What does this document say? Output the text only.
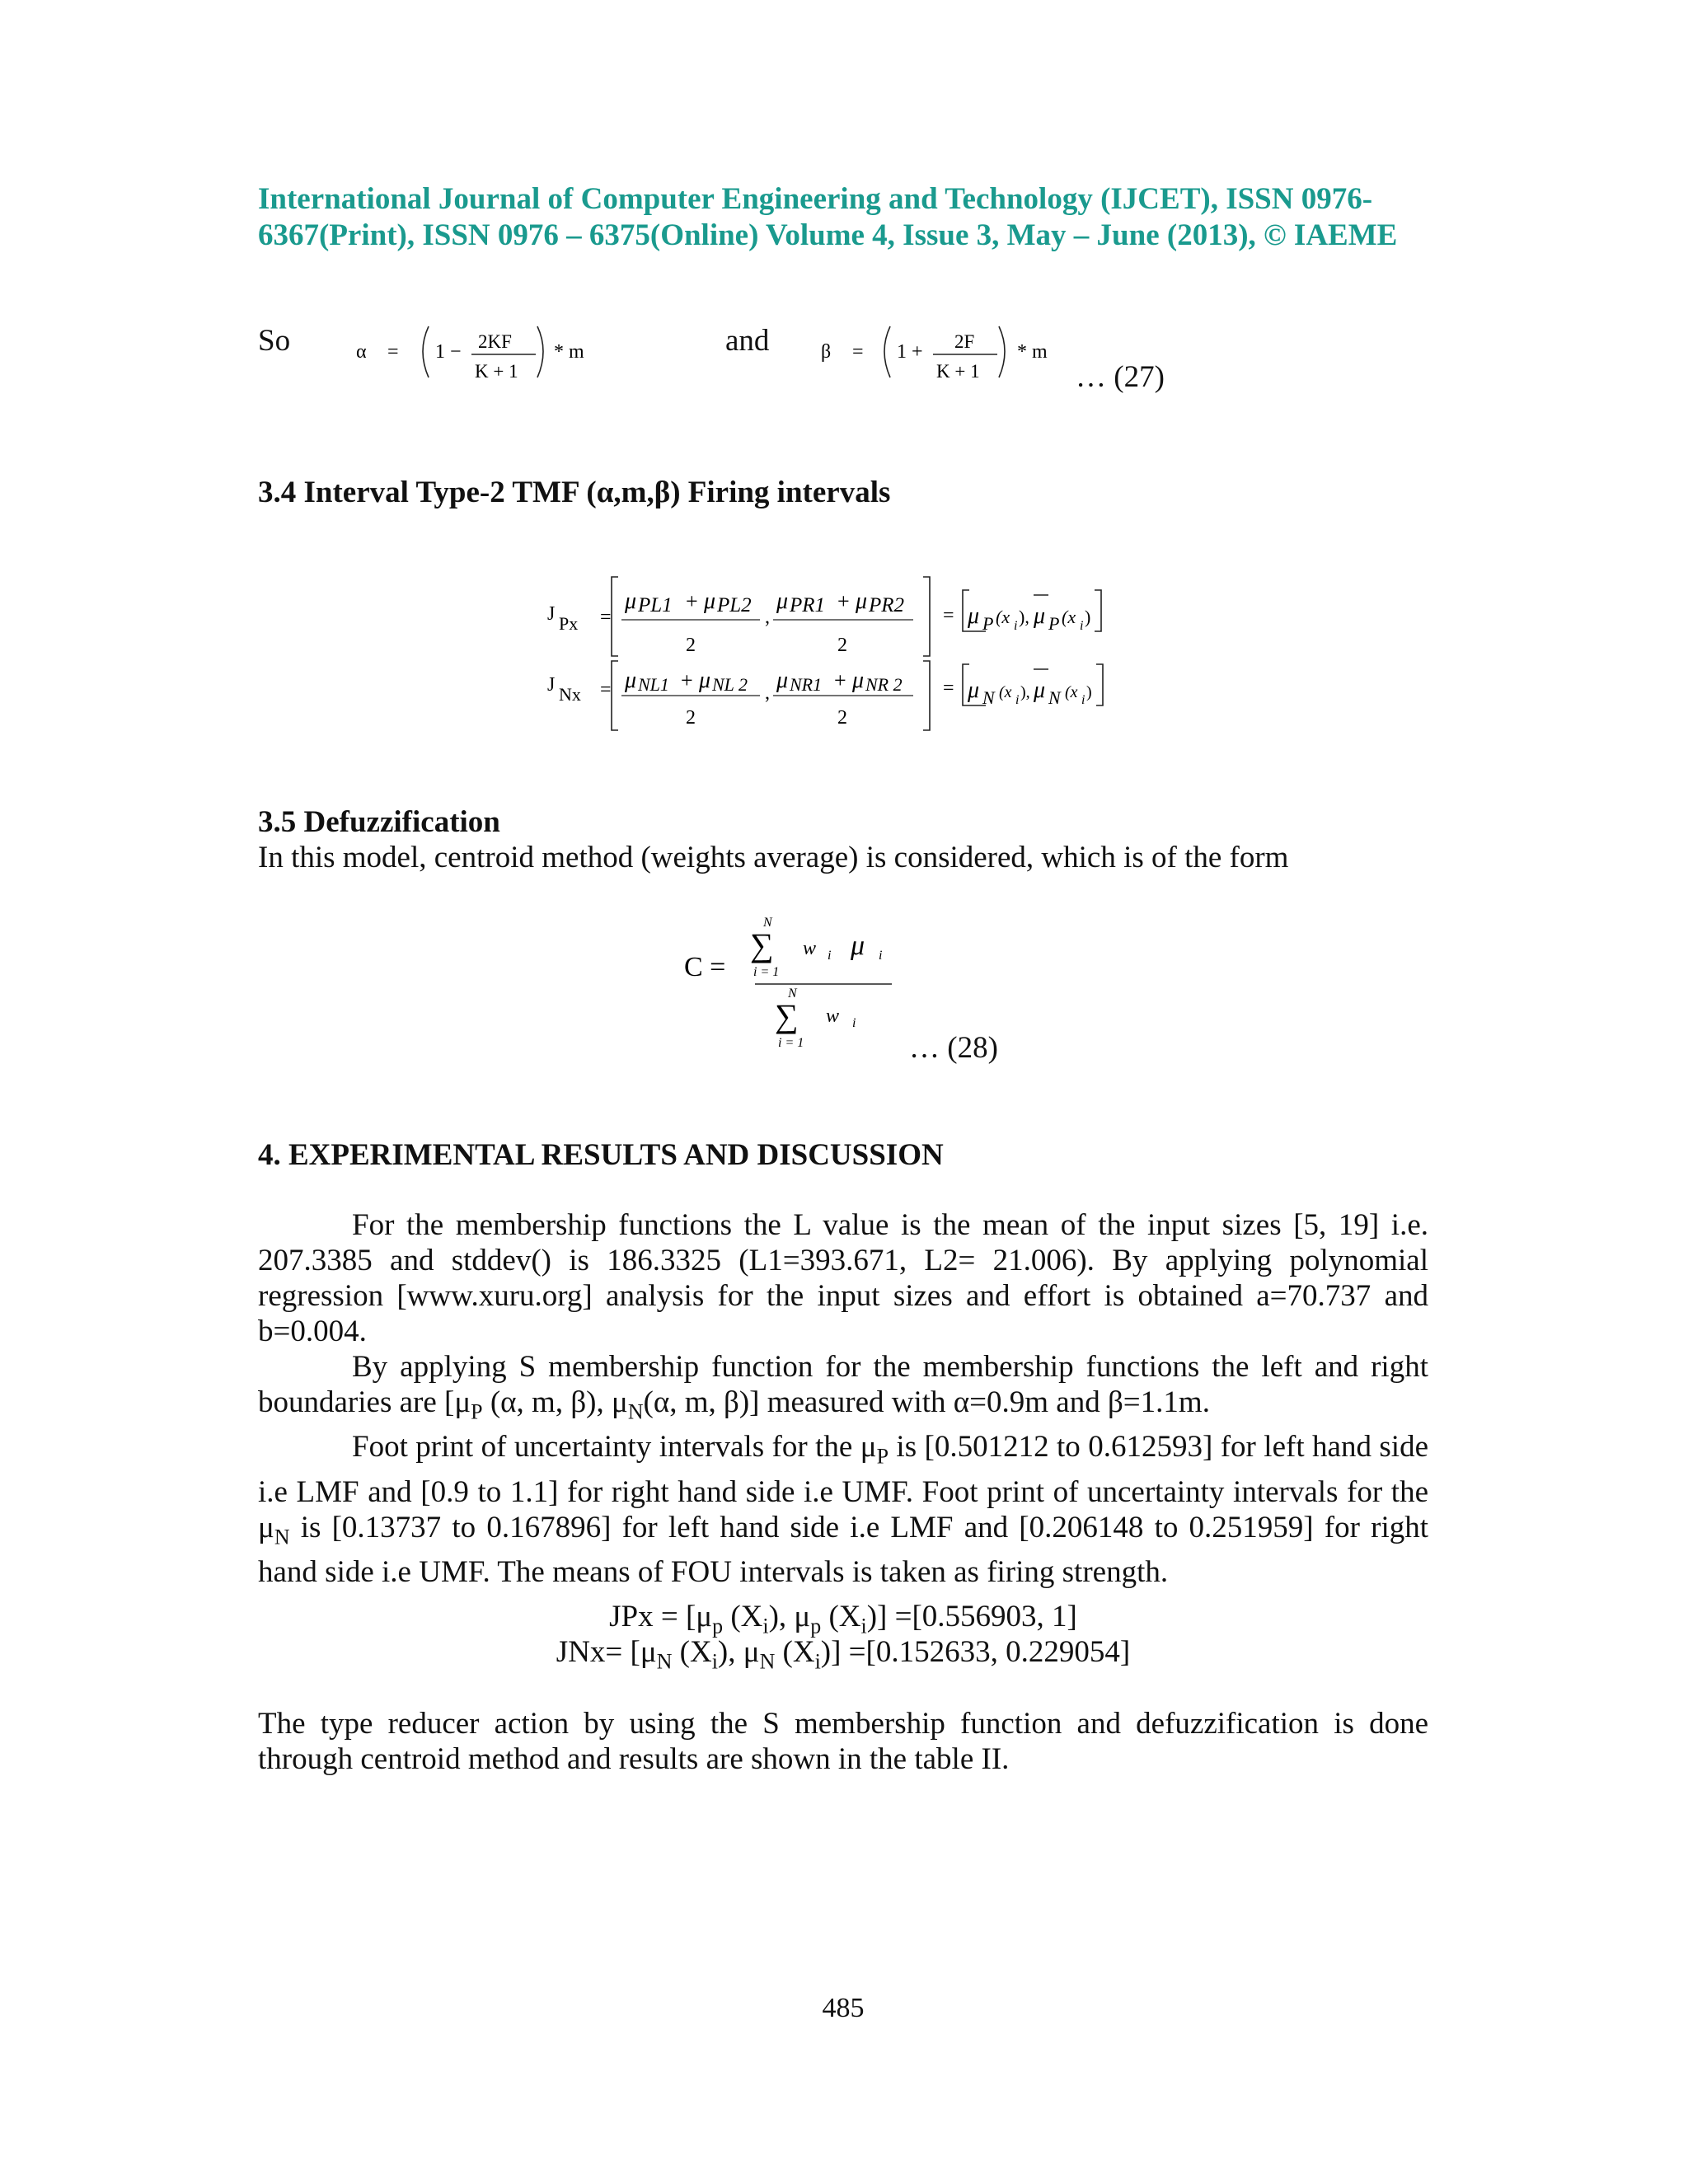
International Journal of Computer Engineering and Technology (IJCET), ISSN 0976-
6367(Print), ISSN 0976 – 6375(Online) Volume 4, Issue 3, May – June (2013), © IAEME
So	α = 1 − 2KF
K + 1
* m	and	β = 1 + 2F
K + 1
* m
… (27)
3.4 Interval Type-2 TMF (α,m,β) Firing intervals
J Px =
μ PL1 + μ PL2
2
,
μ PR1 + μ PR2
2
= μ P (x i ), μ P (x i )
J Nx = μ NL1 + μ NL 2
2
, μ NR1 + μ NR 2
2
= μ N (x i ), μ N (x i )
3.5 Defuzzification
In this model, centroid method (weights average) is considered, which is of the form
C =
N
∑
i = 1
w i μ i
N
∑
i = 1
w i
… (28)
4. EXPERIMENTAL RESULTS AND DISCUSSION
For the membership functions the L value is the mean of the input sizes [5, 19] i.e. 207.3385 and stddev() is 186.3325 (L1=393.671, L2= 21.006). By applying polynomial regression [www.xuru.org] analysis for the input sizes and effort is obtained a=70.737 and b=0.004.
By applying S membership function for the membership functions the left and right boundaries are [$\mu_P$ (α, m, β), $\mu_N(\alpha$, m, β)] measured with α=0.9m and β=1.1m.
Foot print of uncertainty intervals for the $\mu_P$ is [0.501212 to 0.612593] for left hand side i.e LMF and [0.9 to 1.1] for right hand side i.e UMF. Foot print of uncertainty intervals for the $\mu_N$ is [0.13737 to 0.167896] for left hand side i.e LMF and [0.206148 to 0.251959] for right hand side i.e UMF. The means of FOU intervals is taken as firing strength.
JPx = [$\mu_p$ $(X_i)$, $\mu_p$ $(X_i)] =[0.556903$, 1]
$JNx= [\mu_N$ $(X_i)$, $\mu_N$ $(X_i)] =[0.152633$, 0.229054]
The type reducer action by using the S membership function and defuzzification is done through centroid method and results are shown in the table II.
485
